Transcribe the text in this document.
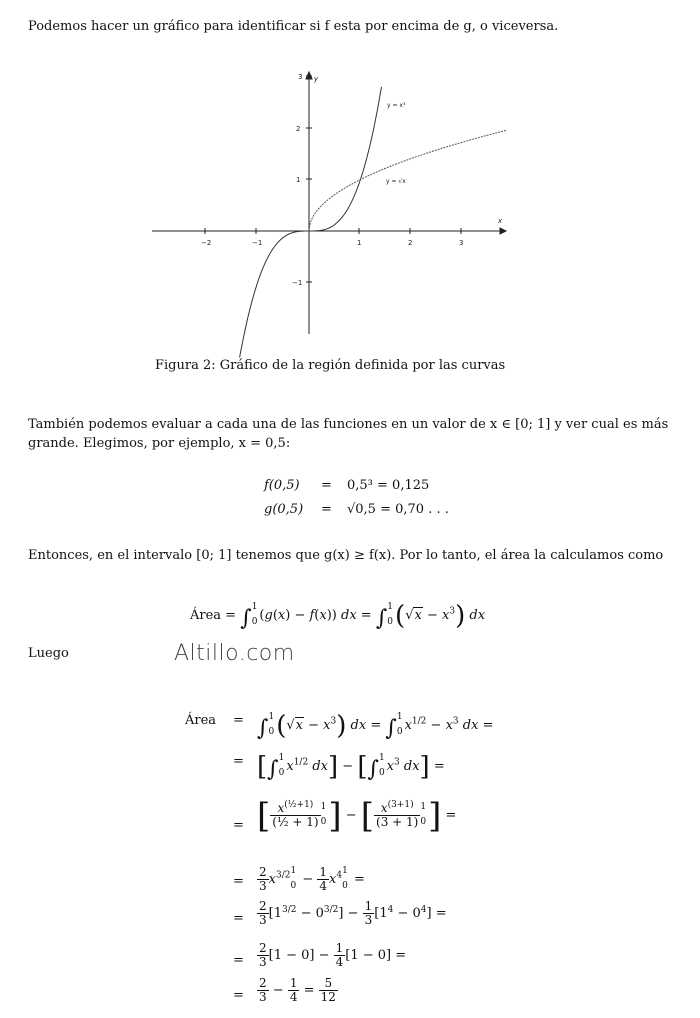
Podemos hacer un gráfico para identificar si f esta por encima de g, o viceversa.
−2	−1	1	2	3
3
2
1
−1
x
y
y = x³
y = √x
Figura 2: Gráfico de la región definida por las curvas
También podemos evaluar a cada una de las funciones en un valor de x ∈ [0; 1] y ver cual es más
grande. Elegimos, por ejemplo, x = 0,5:
f(0,5) = 0,5³ = 0,125
g(0,5) = √0,5 = 0,70 . . .
Entonces, en el intervalo [0; 1] tenemos que g(x) ≥ f(x). Por lo tanto, el área la calculamos como
Área = ∫ 1
0 (g(x) − f(x)) dx = ∫ 1
0 $(√x - x^3)$ dx
Luego	Altillo.com
Área = ∫ 1
0 $(√x - x^3)$ dx = ∫ 1
0 $x^{1/2} - x^3$ dx =
= [∫ 1
0 $x^{1/2}$ dx] − [∫ 1
0 $x^3$ dx] =
= [ $\frac{x^{(\frac{1}{2}+1)}}{\text{(½ + 1)}} 1$
0 ] − [ $\frac{x^{(3+1)}}{(3 + 1)} 1$
0 ] =
= $\frac{2}{3} x^{3/2}$ 1
$0 - \frac{1}{4} x^4$ 1
0 =
= $\frac{2}{3} [1^{3/2} - 0^{3/2}] - \frac{1}{3} [1^4 - 0^4]$ =
= $\frac{2}{3} [1 - 0] - \frac{1}{4} [1 - 0]$ =
= $\frac{2}{3} - \frac{1}{4} = \frac{5}{12}$
